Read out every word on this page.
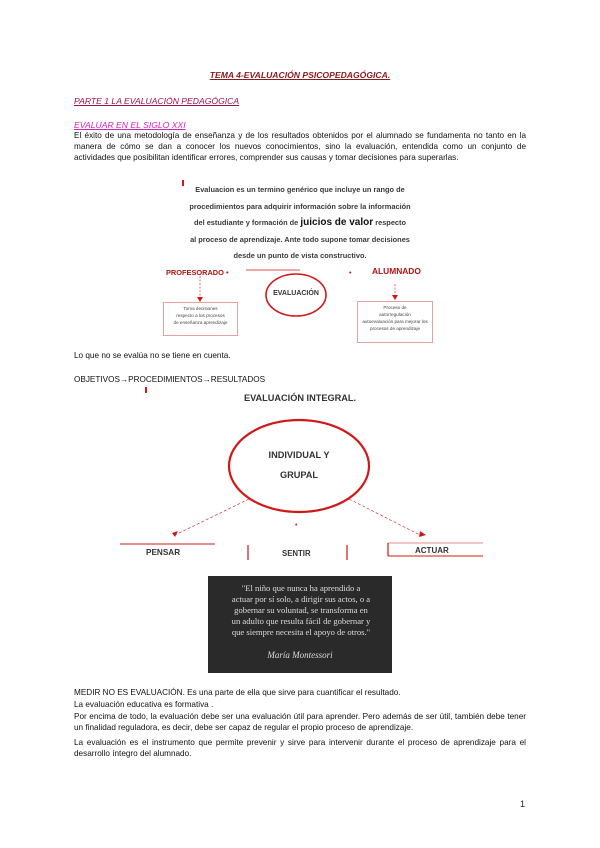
TEMA 4-EVALUACIÓN PSICOPEDAGÓGICA.
PARTE 1 LA EVALUACIÓN PEDAGÓGICA
EVALUAR EN EL SIGLO XXI
El éxito de una metodología de enseñanza y de los resultados obtenidos por el alumnado se fundamenta no tanto en la manera de cómo se dan a conocer los nuevos conocimientos, sino la evaluación, entendida como un conjunto de actividades que posibilitan identificar errores, comprender sus causas y tomar decisiones para superarlas.
Evaluacion es un termino genérico que incluye un rango de
procedimientos para adquirir información sobre la información
del estudiante y formación de juicios de valor respecto
al proceso de aprendizaje. Ante todo supone tomar decisiones
desde un punto de vista constructivo.
PROFESORADO •	• ALUMNADO
EVALUACIÓN
Toma decisiones
respecto a los procesos
de enseñanza aprendizaje
Proceso de
autorregulación
autoevaluación para mejorar los
procesos de aprendizaje
Lo que no se evalúa no se tiene en cuenta.
OBJETIVOS→PROCEDIMIENTOS→RESULTADOS
EVALUACIÓN INTEGRAL.
INDIVIDUAL Y
GRUPAL
PENSAR
•
SENTIR	ACTUAR
"El niño que nunca ha aprendido a
actuar por sí solo, a dirigir sus actos, o a
gobernar su voluntad, se transforma en
un adulto que resulta fácil de gobernar y
que siempre necesita el apoyo de otros."
María Montessori
MEDIR NO ES EVALUACIÓN. Es una parte de ella que sirve para cuantificar el resultado.
La evaluación educativa es formativa .
Por encima de todo, la evaluación debe ser una evaluación útil para aprender. Pero además de ser útil, también debe tener un finalidad reguladora, es decir, debe ser capaz de regular el propio proceso de aprendizaje.
La evaluación es el instrumento que permite prevenir y sirve para intervenir durante el proceso de aprendizaje para el desarrollo íntegro del alumnado.
1
